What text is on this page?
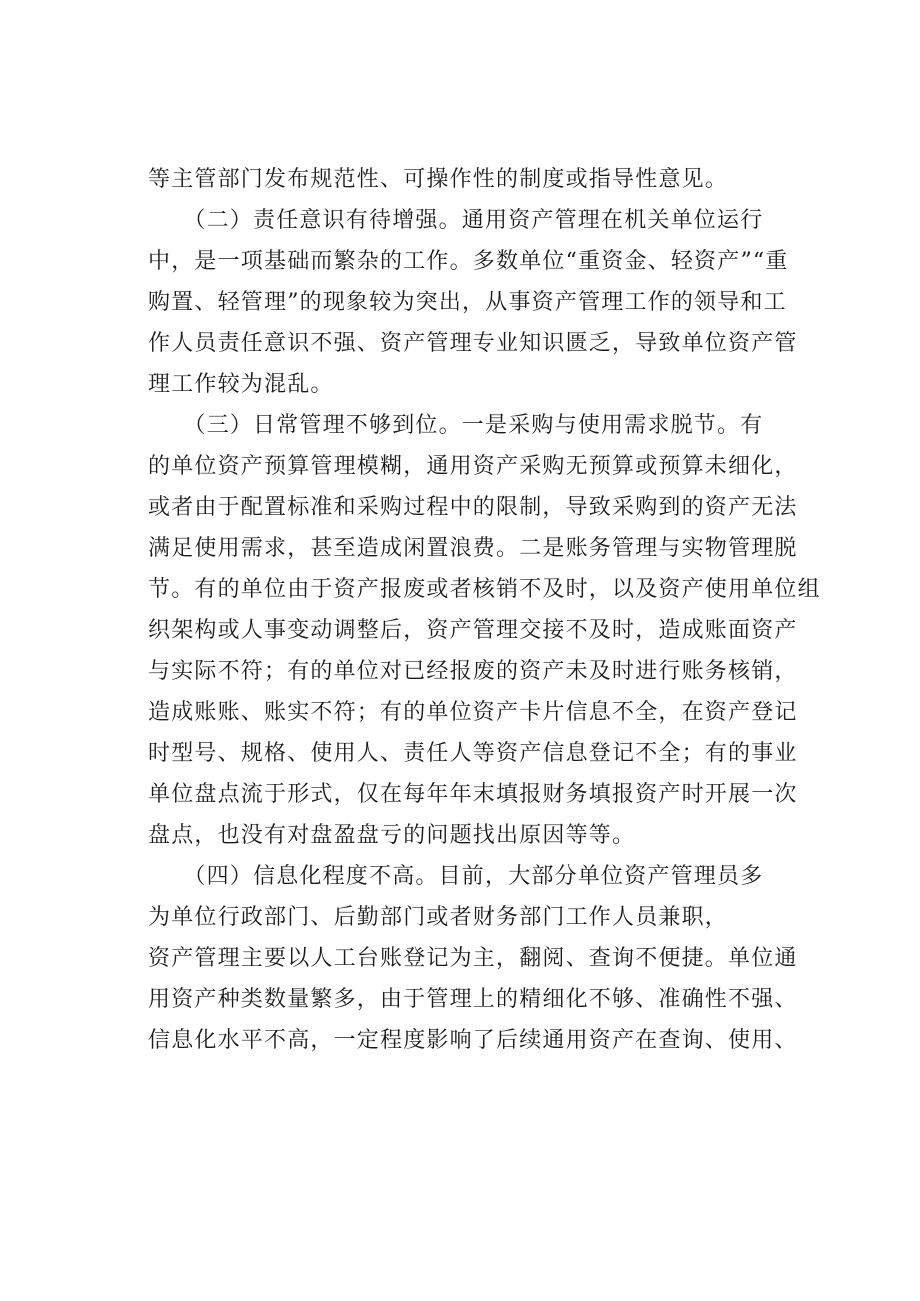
等主管部门发布规范性、可操作性的制度或指导性意见。
　　（二）责任意识有待增强。通用资产管理在机关单位运行
中，是一项基础而繁杂的工作。多数单位“重资金、轻资产”“重
购置、轻管理”的现象较为突出，从事资产管理工作的领导和工
作人员责任意识不强、资产管理专业知识匮乏，导致单位资产管
理工作较为混乱。
　　（三）日常管理不够到位。一是采购与使用需求脱节。有
的单位资产预算管理模糊，通用资产采购无预算或预算未细化，
或者由于配置标准和采购过程中的限制，导致采购到的资产无法
满足使用需求，甚至造成闲置浪费。二是账务管理与实物管理脱
节。有的单位由于资产报废或者核销不及时，以及资产使用单位组
织架构或人事变动调整后，资产管理交接不及时，造成账面资产
与实际不符；有的单位对已经报废的资产未及时进行账务核销，
造成账账、账实不符；有的单位资产卡片信息不全，在资产登记
时型号、规格、使用人、责任人等资产信息登记不全；有的事业
单位盘点流于形式，仅在每年年末填报财务填报资产时开展一次
盘点，也没有对盘盈盘亏的问题找出原因等等。
　　（四）信息化程度不高。目前，大部分单位资产管理员多
为单位行政部门、后勤部门或者财务部门工作人员兼职，
资产管理主要以人工台账登记为主，翻阅、查询不便捷。单位通
用资产种类数量繁多，由于管理上的精细化不够、准确性不强、
信息化水平不高，一定程度影响了后续通用资产在查询、使用、
